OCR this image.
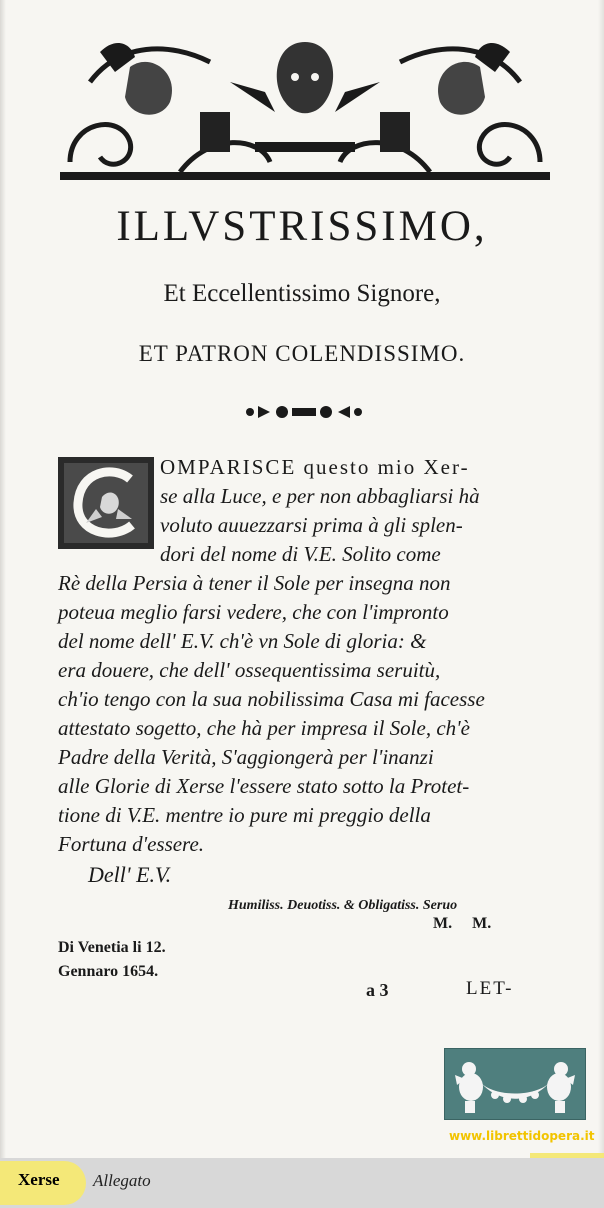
ILLVSTRISSIMO,
Et Eccellentissimo Signore,
ET PATRON COLENDISSIMO.
OMPARISCE questo mio Xer-
se alla Luce, e per non abbagliarsi hà
voluto auuezzarsi prima à gli splen-
dori del nome di V.E. Solito come
Rè della Persia à tener il Sole per insegna non
poteua meglio farsi vedere, che con l'impronto
del nome dell' E.V. ch'è vn Sole di gloria: &
era douere, che dell' ossequentissima seruitù,
ch'io tengo con la sua nobilissima Casa mi facesse
attestato sogetto, che hà per impresa il Sole, ch'è
Padre della Verità, S'aggiongerà per l'inanzi
alle Glorie di Xerse l'essere stato sotto la Protet-
tione di V.E. mentre io pure mi preggio della
Fortuna d'essere.
Dell' E.V.
Humiliss. Deuotiss. & Obligatiss. Seruo
M. M.
Di Venetia li 12.
Gennaro 1654.
a 3	LET-
www.librettidopera.it
Xerse Allegato
